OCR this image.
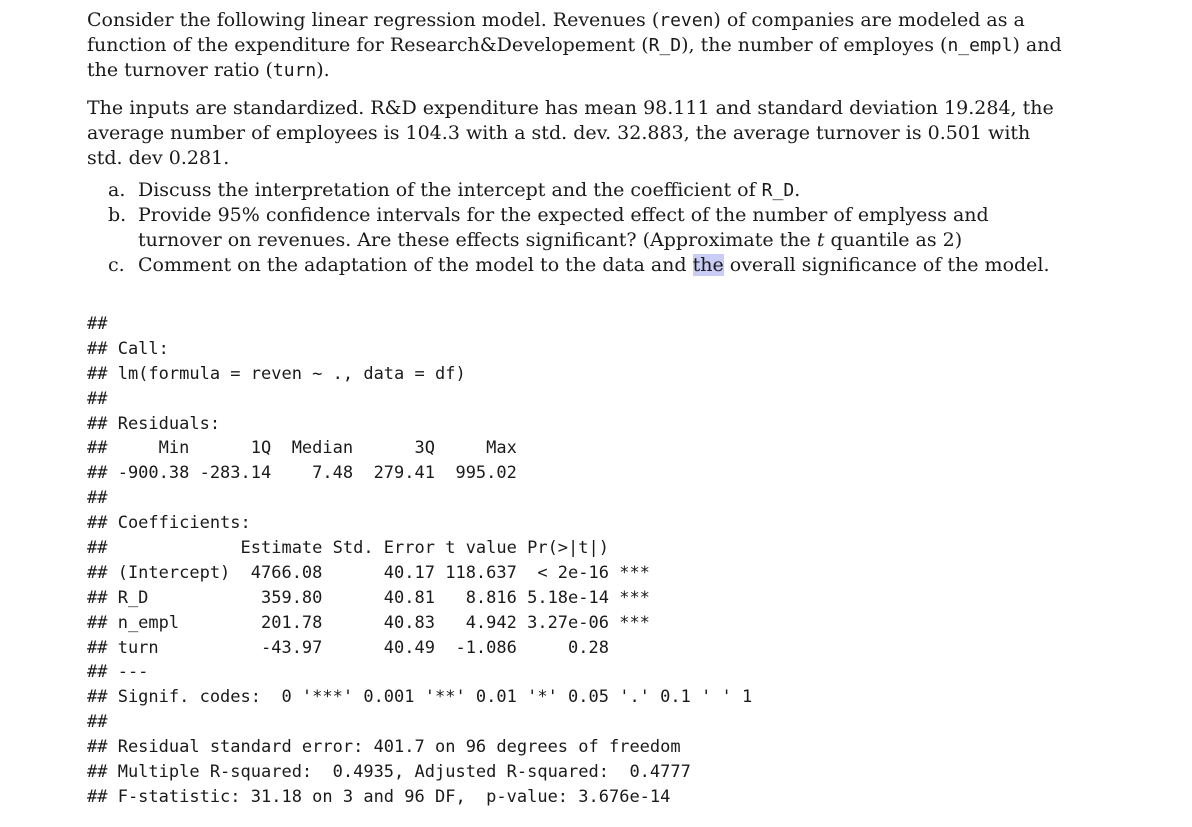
Consider the following linear regression model. Revenues (reven) of companies are modeled as a function of the expenditure for Research&Developement (R_D), the number of employes (n_empl) and the turnover ratio (turn).
The inputs are standardized. R&D expenditure has mean 98.111 and standard deviation 19.284, the average number of employees is 104.3 with a std. dev. 32.883, the average turnover is 0.501 with std. dev 0.281.
a. Discuss the interpretation of the intercept and the coefficient of R_D.
b. Provide 95% confidence intervals for the expected effect of the number of emplyess and turnover on revenues. Are these effects significant? (Approximate the t quantile as 2)
c. Comment on the adaptation of the model to the data and the overall significance of the model.
##
## Call:
## lm(formula = reven ~ ., data = df)
##
## Residuals:
##     Min      1Q  Median      3Q     Max
## -900.38 -283.14    7.48  279.41  995.02
##
## Coefficients:
##             Estimate Std. Error t value Pr(>|t|)
## (Intercept)  4766.08      40.17 118.637  < 2e-16 ***
## R_D           359.80      40.81   8.816 5.18e-14 ***
## n_empl        201.78      40.83   4.942 3.27e-06 ***
## turn          -43.97      40.49  -1.086     0.28
## ---
## Signif. codes:  0 '***' 0.001 '**' 0.01 '*' 0.05 '.' 0.1 ' ' 1
##
## Residual standard error: 401.7 on 96 degrees of freedom
## Multiple R-squared:  0.4935, Adjusted R-squared:  0.4777
## F-statistic: 31.18 on 3 and 96 DF,  p-value: 3.676e-14
